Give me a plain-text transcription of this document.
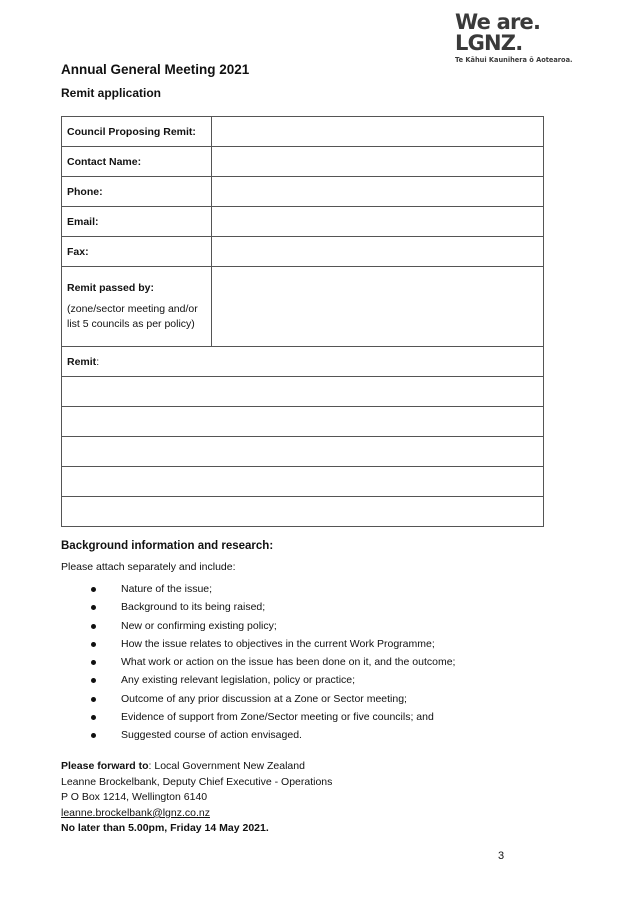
We are.
LGNZ.
Te Kāhui Kaunihera ō Aotearoa.
Annual General Meeting 2021
Remit application
Council Proposing Remit:	
Contact Name:	
Phone:	
Email:	
Fax:	

Remit passed by:
(zone/sector meeting and/or list 5 councils as per policy)	

Remit:	

Background information and research:
Please attach separately and include:
Nature of the issue;
Background to its being raised;
New or confirming existing policy;
How the issue relates to objectives in the current Work Programme;
What work or action on the issue has been done on it, and the outcome;
Any existing relevant legislation, policy or practice;
Outcome of any prior discussion at a Zone or Sector meeting;
Evidence of support from Zone/Sector meeting or five councils; and
Suggested course of action envisaged.
Please forward to: Local Government New Zealand
Leanne Brockelbank, Deputy Chief Executive - Operations
P O Box 1214, Wellington 6140
leanne.brockelbank@lgnz.co.nz
No later than 5.00pm, Friday 14 May 2021.
3
